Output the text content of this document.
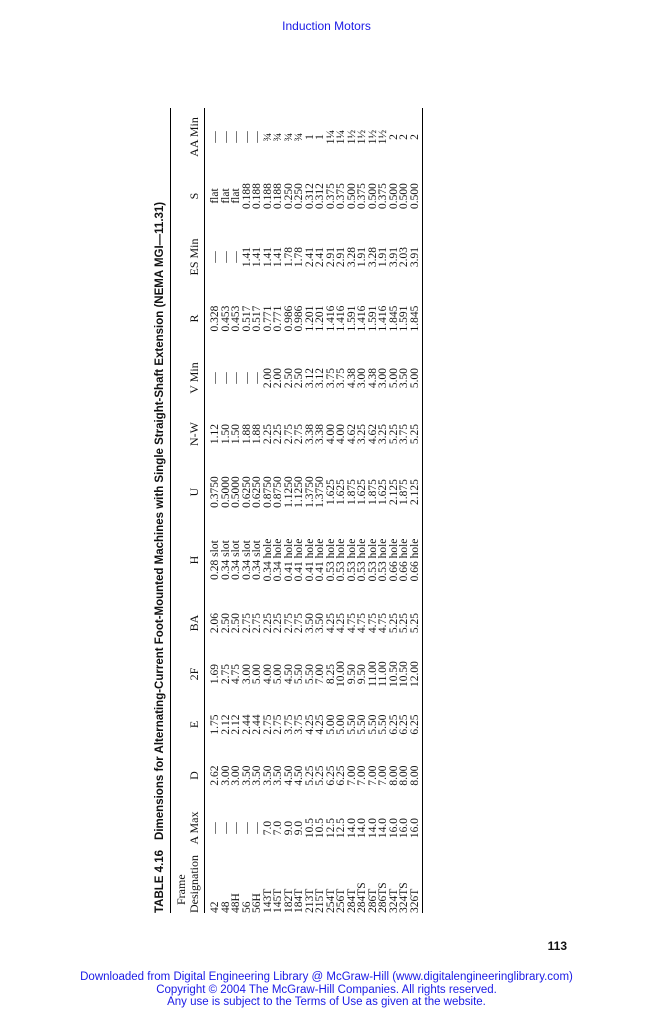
Induction Motors
TABLE 4.16Dimensions for Alternating-Current Foot-Mounted Machines with Single Straight-Shaft Extension (NEMA MGI—11.31)
Frame Designation	A Max	D	E	2F	BA	H	U	N-W	V Min	R	ES Min	S	AA Min
42	—	2.62	1.75	1.69	2.06	0.28 slot	0.3750	1.12	—	0.328	—	flat	—
48	—	3.00	2.12	2.75	2.50	0.34 slot	0.5000	1.50	—	0.453	—	flat	—
48H	—	3.00	2.12	4.75	2.50	0.34 slot	0.5000	1.50	—	0.453	—	flat	—
56	—	3.50	2.44	3.00	2.75	0.34 slot	0.6250	1.88	—	0.517	1.41	0.188	—
56H	—	3.50	2.44	5.00	2.75	0.34 slot	0.6250	1.88	—	0.517	1.41	0.188	—
143T	7.0	3.50	2.75	4.00	2.25	0.34 hole	0.8750	2.25	2.00	0.771	1.41	0.188	¾
145T	7.0	3.50	2.75	5.00	2.25	0.34 hole	0.8750	2.25	2.00	0.771	1.41	0.188	¾
182T	9.0	4.50	3.75	4.50	2.75	0.41 hole	1.1250	2.75	2.50	0.986	1.78	0.250	¾
184T	9.0	4.50	3.75	5.50	2.75	0.41 hole	1.1250	2.75	2.50	0.986	1.78	0.250	¾
213T	10.5	5.25	4.25	5.50	3.50	0.41 hole	1.3750	3.38	3.12	1.201	2.41	0.312	1
215T	10.5	5.25	4.25	7.00	3.50	0.41 hole	1.3750	3.38	3.12	1.201	2.41	0.312	1
254T	12.5	6.25	5.00	8.25	4.25	0.53 hole	1.625	4.00	3.75	1.416	2.91	0.375	1¼
256T	12.5	6.25	5.00	10.00	4.25	0.53 hole	1.625	4.00	3.75	1.416	2.91	0.375	1¼
284T	14.0	7.00	5.50	9.50	4.75	0.53 hole	1.875	4.62	4.38	1.591	3.28	0.500	1½
284TS	14.0	7.00	5.50	9.50	4.75	0.53 hole	1.625	3.25	3.00	1.416	1.91	0.375	1½
286T	14.0	7.00	5.50	11.00	4.75	0.53 hole	1.875	4.62	4.38	1.591	3.28	0.500	1½
286TS	14.0	7.00	5.50	11.00	4.75	0.53 hole	1.625	3.25	3.00	1.416	1.91	0.375	1½
324T	16.0	8.00	6.25	10.50	5.25	0.66 hole	2.125	5.25	5.00	1.845	3.91	0.500	2
324TS	16.0	8.00	6.25	10.50	5.25	0.66 hole	1.875	3.75	3.50	1.591	2.03	0.500	2
326T	16.0	8.00	6.25	12.00	5.25	0.66 hole	2.125	5.25	5.00	1.845	3.91	0.500	2
113
Downloaded from Digital Engineering Library @ McGraw-Hill (www.digitalengineeringlibrary.com)
Copyright © 2004 The McGraw-Hill Companies. All rights reserved.
Any use is subject to the Terms of Use as given at the website.
